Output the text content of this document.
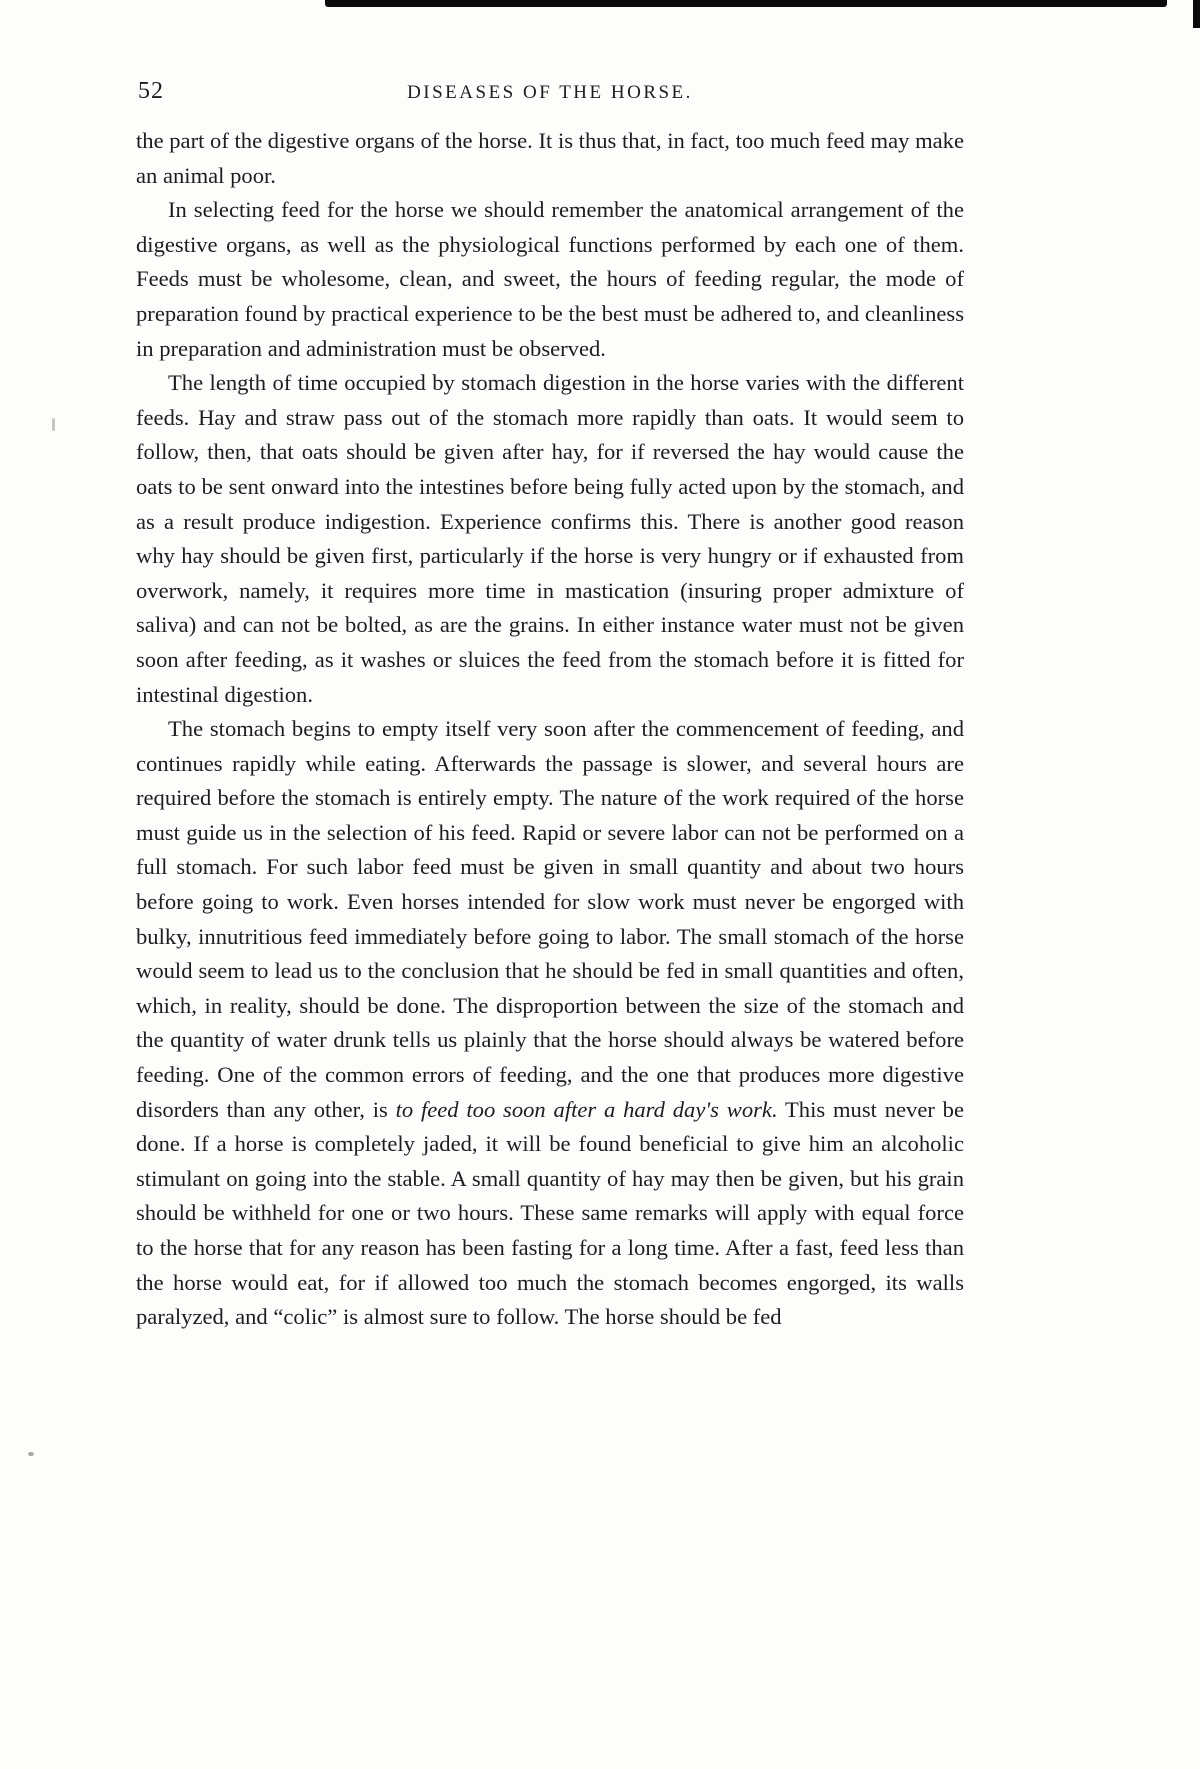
52	DISEASES OF THE HORSE.

the part of the digestive organs of the horse. It is thus that, in fact, too much feed may make an animal poor.

In selecting feed for the horse we should remember the anatomical arrangement of the digestive organs, as well as the physiological functions performed by each one of them. Feeds must be wholesome, clean, and sweet, the hours of feeding regular, the mode of preparation found by practical experience to be the best must be adhered to, and cleanliness in preparation and administration must be observed.

The length of time occupied by stomach digestion in the horse varies with the different feeds. Hay and straw pass out of the stomach more rapidly than oats. It would seem to follow, then, that oats should be given after hay, for if reversed the hay would cause the oats to be sent onward into the intestines before being fully acted upon by the stomach, and as a result produce indigestion. Experience confirms this. There is another good reason why hay should be given first, particularly if the horse is very hungry or if exhausted from overwork, namely, it requires more time in mastication (insuring proper admixture of saliva) and can not be bolted, as are the grains. In either instance water must not be given soon after feeding, as it washes or sluices the feed from the stomach before it is fitted for intestinal digestion.

The stomach begins to empty itself very soon after the commencement of feeding, and continues rapidly while eating. Afterwards the passage is slower, and several hours are required before the stomach is entirely empty. The nature of the work required of the horse must guide us in the selection of his feed. Rapid or severe labor can not be performed on a full stomach. For such labor feed must be given in small quantity and about two hours before going to work. Even horses intended for slow work must never be engorged with bulky, innutritious feed immediately before going to labor. The small stomach of the horse would seem to lead us to the conclusion that he should be fed in small quantities and often, which, in reality, should be done. The disproportion between the size of the stomach and the quantity of water drunk tells us plainly that the horse should always be watered before feeding. One of the common errors of feeding, and the one that produces more digestive disorders than any other, is to feed too soon after a hard day's work. This must never be done. If a horse is completely jaded, it will be found beneficial to give him an alcoholic stimulant on going into the stable. A small quantity of hay may then be given, but his grain should be withheld for one or two hours. These same remarks will apply with equal force to the horse that for any reason has been fasting for a long time. After a fast, feed less than the horse would eat, for if allowed too much the stomach becomes engorged, its walls paralyzed, and “colic” is almost sure to follow. The horse should be fed
